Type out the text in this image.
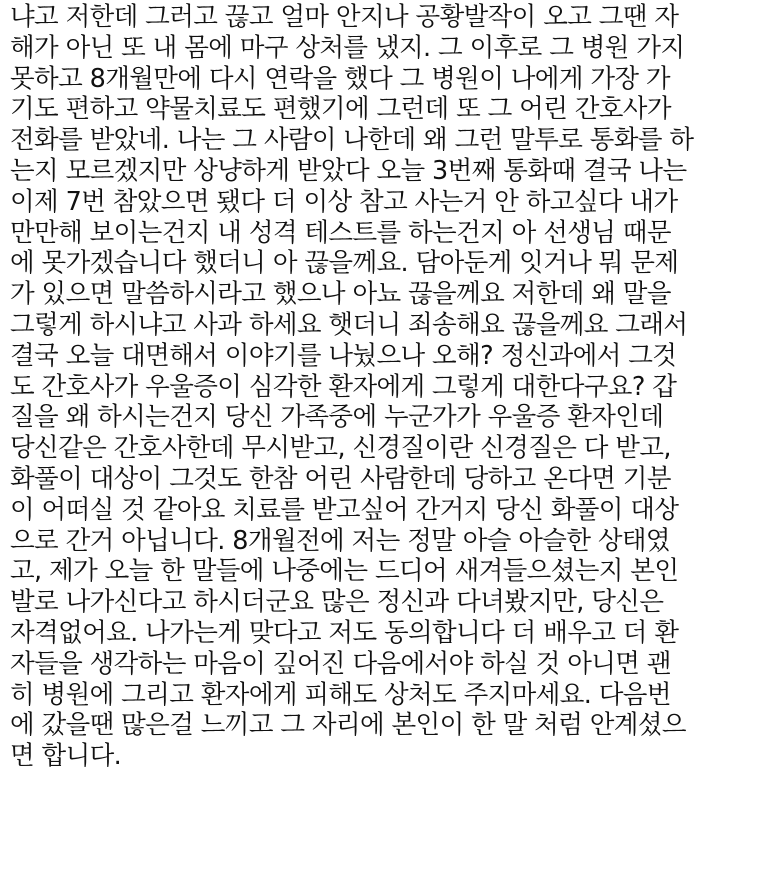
냐고 저한데 그러고 끊고 얼마 안지나 공황발작이 오고 그땐 자
해가 아닌 또 내 몸에 마구 상처를 냈지. 그 이후로 그 병원 가지
못하고 8개월만에 다시 연락을 했다 그 병원이 나에게 가장 가
기도 편하고 약물치료도 편했기에 그런데 또 그 어린 간호사가
전화를 받았네. 나는 그 사람이 나한데 왜 그런 말투로 통화를 하
는지 모르겠지만 상냥하게 받았다 오늘 3번째 통화때 결국 나는
이제 7번 참았으면 됐다 더 이상 참고 사는거 안 하고싶다 내가
만만해 보이는건지 내 성격 테스트를 하는건지 아 선생님 때문
에 못가겠습니다 했더니 아 끊을께요. 담아둔게 잇거나 뭐 문제
가 있으면 말씀하시라고 했으나 아뇨 끊을께요 저한데 왜 말을
그렇게 하시냐고 사과 하세요 햇더니 죄송해요 끊을께요 그래서
결국 오늘 대면해서 이야기를 나눴으나 오해? 정신과에서 그것
도 간호사가 우울증이 심각한 환자에게 그렇게 대한다구요? 갑
질을 왜 하시는건지 당신 가족중에 누군가가 우울증 환자인데
당신같은 간호사한데 무시받고, 신경질이란 신경질은 다 받고,
화풀이 대상이 그것도 한참 어린 사람한데 당하고 온다면 기분
이 어떠실 것 같아요 치료를 받고싶어 간거지 당신 화풀이 대상
으로 간거 아닙니다. 8개월전에 저는 정말 아슬 아슬한 상태였
고, 제가 오늘 한 말들에 나중에는 드디어 새겨들으셨는지 본인
발로 나가신다고 하시더군요 많은 정신과 다녀봤지만, 당신은
자격없어요. 나가는게 맞다고 저도 동의합니다 더 배우고 더 환
자들을 생각하는 마음이 깊어진 다음에서야 하실 것 아니면 괜
히 병원에 그리고 환자에게 피해도 상처도 주지마세요. 다음번
에 갔을땐 많은걸 느끼고 그 자리에 본인이 한 말 처럼 안계셨으
면 합니다.
